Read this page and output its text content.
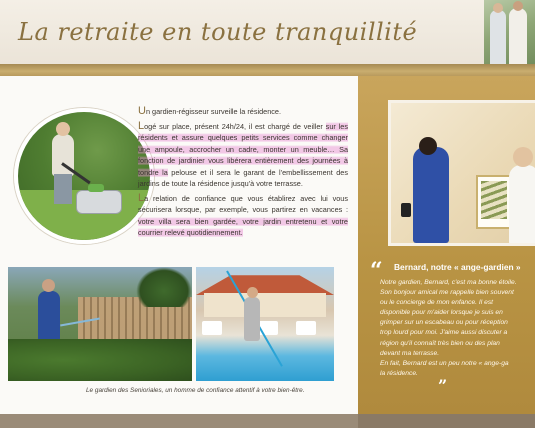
La retraite en toute tranquillité

Un gardien-régisseur surveille la résidence.

Logé sur place, présent 24h/24, il est chargé de veiller sur les résidents et assure quelques petits services comme changer une ampoule, accrocher un cadre, monter un meuble… Sa fonction de jardinier vous libérera entièrement des journées à tondre la pelouse et il sera le garant de l'embellissement des jardins de toute la résidence jusqu'à votre terrasse.

La relation de confiance que vous établirez avec lui vous sécurisera lorsque, par exemple, vous partirez en vacances : votre villa sera bien gardée, votre jardin entretenu et votre courrier relevé quotidiennement.

Le gardien des Senioriales, un homme de confiance attentif à votre bien-être.
“ Bernard, notre « ange-gardien »
Notre gardien, Bernard, c'est ma bonne étoile.
Son bonjour amical me rappelle bien souvent
ou le concierge de mon enfance. Il est
disponible pour m'aider lorsque je suis en
grimper sur un escabeau ou pour réception
trop lourd pour moi. J'aime aussi discuter a
région qu'il connaît très bien ou des plan
devant ma terrasse.
En fait, Bernard est un peu notre « ange-ga
la résidence.
”
